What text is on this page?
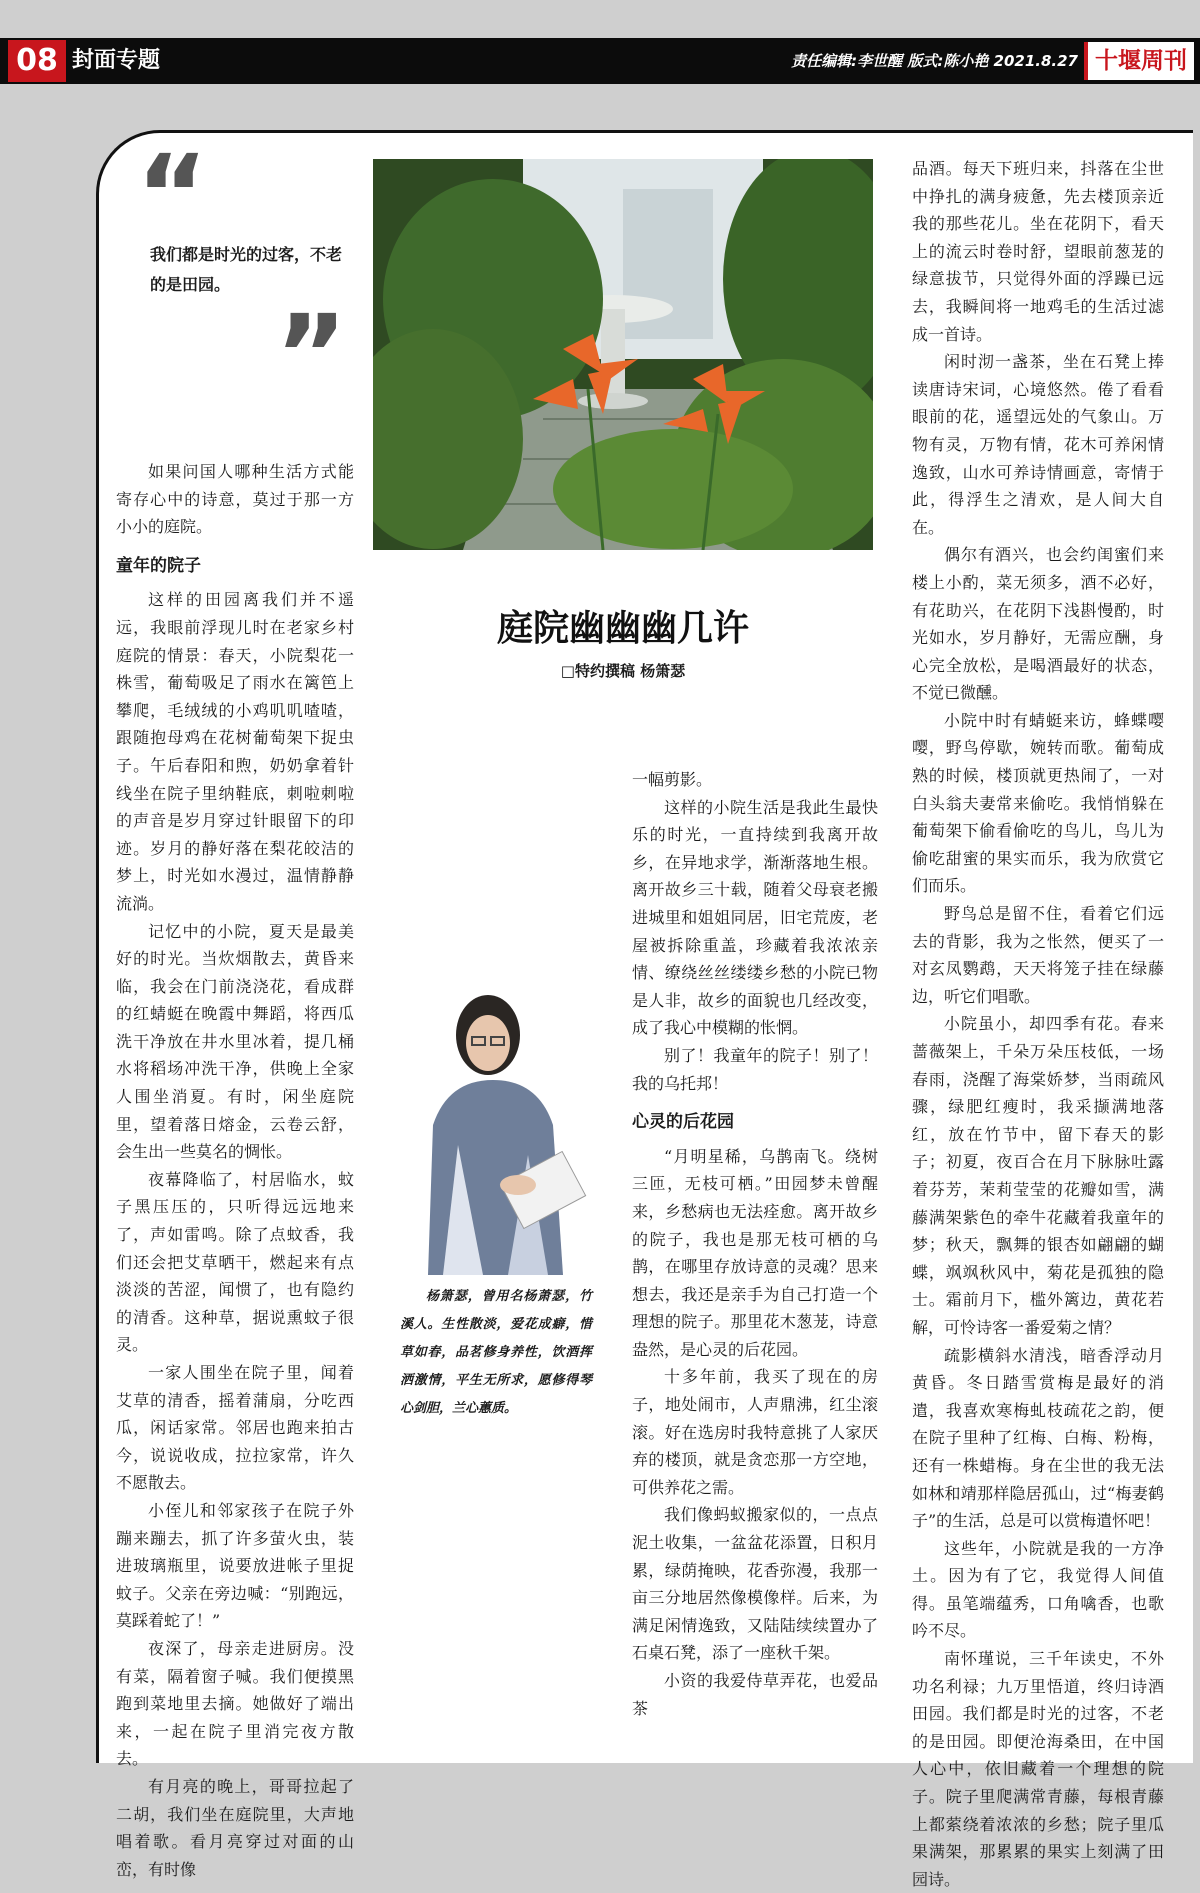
08 封面专题	责任编辑:李世醒 版式:陈小艳 2021.8.27 十堰周刊
“
我们都是时光的过客，不老的是田园。
”

如果问国人哪种生活方式能寄存心中的诗意，莫过于那一方小小的庭院。

童年的院子

这样的田园离我们并不遥远，我眼前浮现儿时在老家乡村庭院的情景：春天，小院梨花一株雪，葡萄吸足了雨水在篱笆上攀爬，毛绒绒的小鸡叽叽喳喳，跟随抱母鸡在花树葡萄架下捉虫子。午后春阳和煦，奶奶拿着针线坐在院子里纳鞋底，刺啦刺啦的声音是岁月穿过针眼留下的印迹。岁月的静好落在梨花皎洁的梦上，时光如水漫过，温情静静流淌。

记忆中的小院，夏天是最美好的时光。当炊烟散去，黄昏来临，我会在门前浇浇花，看成群的红蜻蜓在晚霞中舞蹈，将西瓜洗干净放在井水里冰着，提几桶水将稻场冲洗干净，供晚上全家人围坐消夏。有时，闲坐庭院里，望着落日熔金，云卷云舒，会生出一些莫名的惆怅。

夜幕降临了，村居临水，蚊子黑压压的，只听得远远地来了，声如雷鸣。除了点蚊香，我们还会把艾草晒干，燃起来有点淡淡的苦涩，闻惯了，也有隐约的清香。这种草，据说熏蚊子很灵。

一家人围坐在院子里，闻着艾草的清香，摇着蒲扇，分吃西瓜，闲话家常。邻居也跑来拍古今，说说收成，拉拉家常，许久不愿散去。

小侄儿和邻家孩子在院子外蹦来蹦去，抓了许多萤火虫，装进玻璃瓶里，说要放进帐子里捉蚊子。父亲在旁边喊：“别跑远，莫踩着蛇了！”

夜深了，母亲走进厨房。没有菜，隔着窗子喊。我们便摸黑跑到菜地里去摘。她做好了端出来，一起在院子里消完夜方散去。

有月亮的晚上，哥哥拉起了二胡，我们坐在庭院里，大声地唱着歌。看月亮穿过对面的山峦，有时像

庭院幽幽幽几许
□特约撰稿 杨箫瑟

杨箫瑟，曾用名杨萧瑟，竹溪人。生性散淡，爱花成癖，惜草如春，品茗修身养性，饮酒挥洒激情，平生无所求，愿修得琴心剑胆，兰心蕙质。

一幅剪影。

这样的小院生活是我此生最快乐的时光，一直持续到我离开故乡，在异地求学，渐渐落地生根。离开故乡三十载，随着父母衰老搬进城里和姐姐同居，旧宅荒废，老屋被拆除重盖，珍藏着我浓浓亲情、缭绕丝丝缕缕乡愁的小院已物是人非，故乡的面貌也几经改变，成了我心中模糊的怅惘。

别了！我童年的院子！别了！我的乌托邦！

心灵的后花园

“月明星稀，乌鹊南飞。绕树三匝，无枝可栖。”田园梦未曾醒来，乡愁病也无法痊愈。离开故乡的院子，我也是那无枝可栖的乌鹊，在哪里存放诗意的灵魂？思来想去，我还是亲手为自己打造一个理想的院子。那里花木葱茏，诗意盎然，是心灵的后花园。

十多年前，我买了现在的房子，地处闹市，人声鼎沸，红尘滚滚。好在选房时我特意挑了人家厌弃的楼顶，就是贪恋那一方空地，可供养花之需。

我们像蚂蚁搬家似的，一点点泥土收集，一盆盆花添置，日积月累，绿荫掩映，花香弥漫，我那一亩三分地居然像模像样。后来，为满足闲情逸致，又陆陆续续置办了石桌石凳，添了一座秋千架。

小资的我爱侍草弄花，也爱品茶

品酒。每天下班归来，抖落在尘世中挣扎的满身疲惫，先去楼顶亲近我的那些花儿。坐在花阴下，看天上的流云时卷时舒，望眼前葱茏的绿意拔节，只觉得外面的浮躁已远去，我瞬间将一地鸡毛的生活过滤成一首诗。

闲时沏一盏茶，坐在石凳上捧读唐诗宋词，心境悠然。倦了看看眼前的花，遥望远处的气象山。万物有灵，万物有情，花木可养闲情逸致，山水可养诗情画意，寄情于此，得浮生之清欢，是人间大自在。

偶尔有酒兴，也会约闺蜜们来楼上小酌，菜无须多，酒不必好，有花助兴，在花阴下浅斟慢酌，时光如水，岁月静好，无需应酬，身心完全放松，是喝酒最好的状态，不觉已微醺。

小院中时有蜻蜓来访，蜂蝶嘤嘤，野鸟停歇，婉转而歌。葡萄成熟的时候，楼顶就更热闹了，一对白头翁夫妻常来偷吃。我悄悄躲在葡萄架下偷看偷吃的鸟儿，鸟儿为偷吃甜蜜的果实而乐，我为欣赏它们而乐。

野鸟总是留不住，看着它们远去的背影，我为之怅然，便买了一对玄凤鹦鹉，天天将笼子挂在绿藤边，听它们唱歌。

小院虽小，却四季有花。春来蔷薇架上，千朵万朵压枝低，一场春雨，浇醒了海棠娇梦，当雨疏风骤，绿肥红瘦时，我采撷满地落红，放在竹节中，留下春天的影子；初夏，夜百合在月下脉脉吐露着芬芳，茉莉莹莹的花瓣如雪，满藤满架紫色的牵牛花藏着我童年的梦；秋天，飘舞的银杏如翩翩的蝴蝶，飒飒秋风中，菊花是孤独的隐士。霜前月下，槛外篱边，黄花若解，可怜诗客一番爱菊之情？

疏影横斜水清浅，暗香浮动月黄昏。冬日踏雪赏梅是最好的消遣，我喜欢寒梅虬枝疏花之韵，便在院子里种了红梅、白梅、粉梅，还有一株蜡梅。身在尘世的我无法如林和靖那样隐居孤山，过“梅妻鹤子”的生活，总是可以赏梅遣怀吧！

这些年，小院就是我的一方净土。因为有了它，我觉得人间值得。虽笔端蕴秀，口角噙香，也歌吟不尽。

南怀瑾说，三千年读史，不外功名利禄；九万里悟道，终归诗酒田园。我们都是时光的过客，不老的是田园。即便沧海桑田，在中国人心中，依旧藏着一个理想的院子。院子里爬满常青藤，每根青藤上都萦绕着浓浓的乡愁；院子里瓜果满架，那累累的果实上刻满了田园诗。
